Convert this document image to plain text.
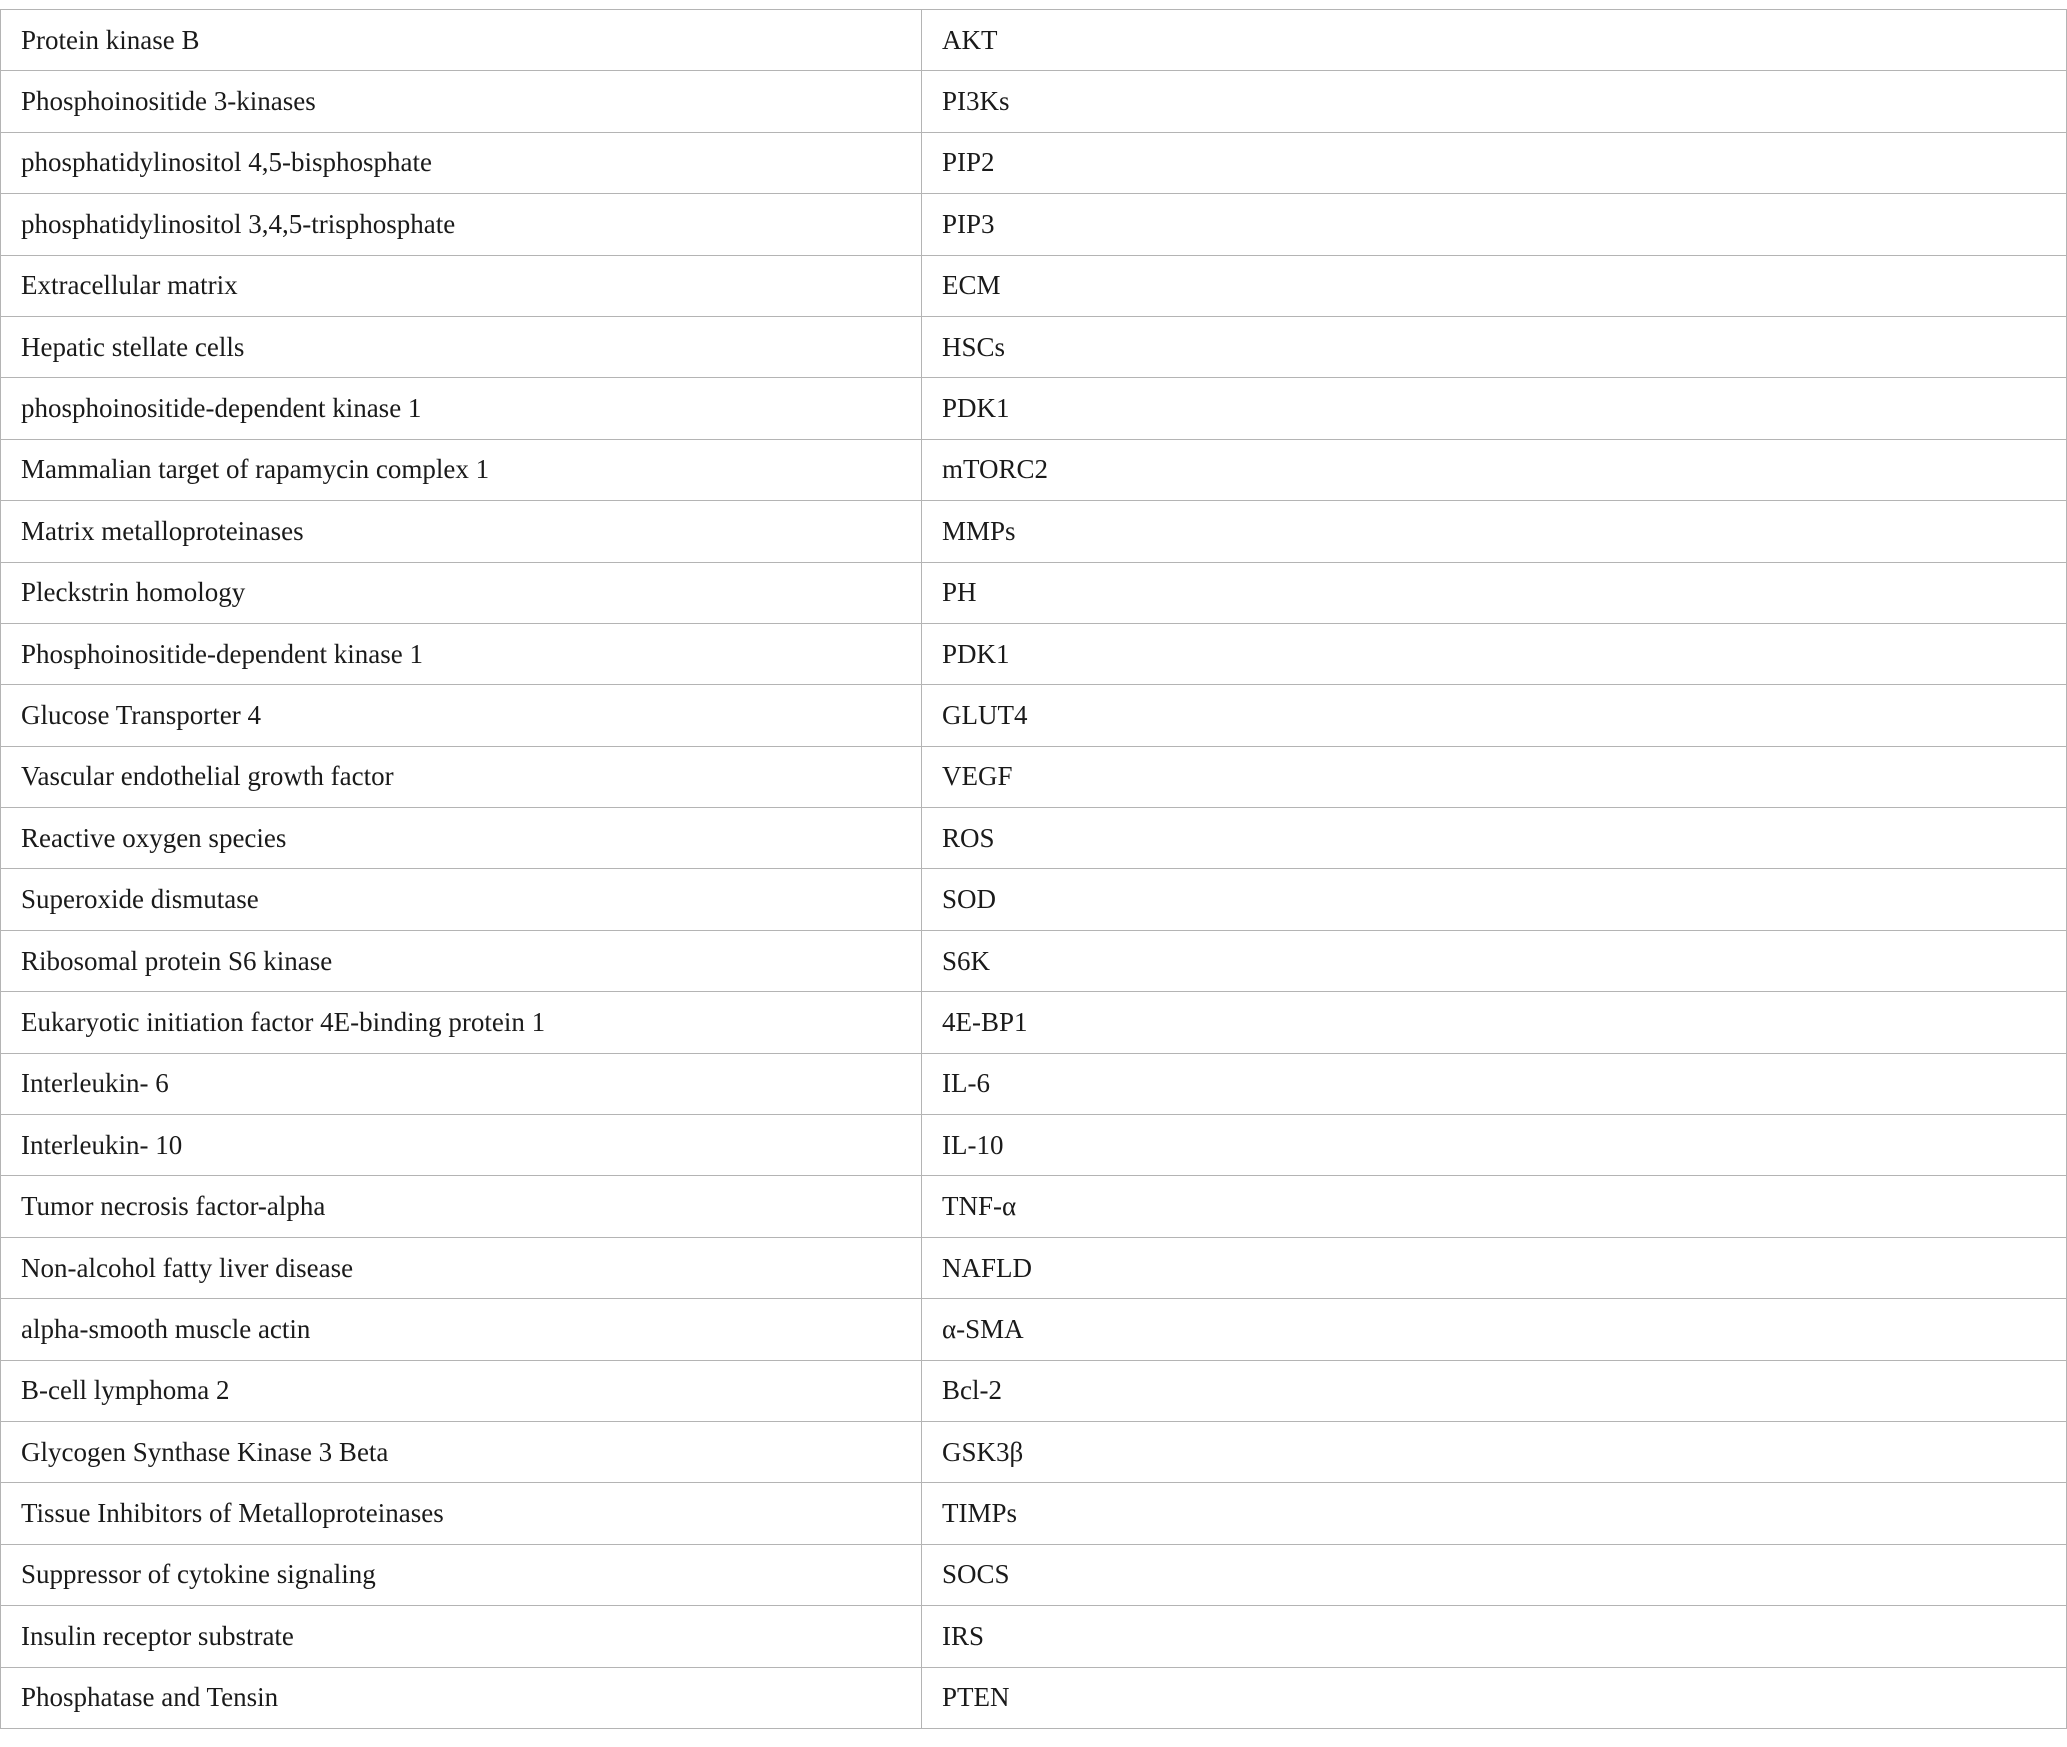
Protein kinase B	AKT
Phosphoinositide 3-kinases	PI3Ks
phosphatidylinositol 4,5-bisphosphate	PIP2
phosphatidylinositol 3,4,5-trisphosphate	PIP3
Extracellular matrix	ECM
Hepatic stellate cells	HSCs
phosphoinositide-dependent kinase 1	PDK1
Mammalian target of rapamycin complex 1	mTORC2
Matrix metalloproteinases	MMPs
Pleckstrin homology	PH
Phosphoinositide-dependent kinase 1	PDK1
Glucose Transporter 4	GLUT4
Vascular endothelial growth factor	VEGF
Reactive oxygen species	ROS
Superoxide dismutase	SOD
Ribosomal protein S6 kinase	S6K
Eukaryotic initiation factor 4E-binding protein 1	4E-BP1
Interleukin- 6	IL-6
Interleukin- 10	IL-10
Tumor necrosis factor-alpha	TNF-α
Non-alcohol fatty liver disease	NAFLD
alpha-smooth muscle actin	α-SMA
B-cell lymphoma 2	Bcl-2
Glycogen Synthase Kinase 3 Beta	GSK3β
Tissue Inhibitors of Metalloproteinases	TIMPs
Suppressor of cytokine signaling	SOCS
Insulin receptor substrate	IRS
Phosphatase and Tensin	PTEN
